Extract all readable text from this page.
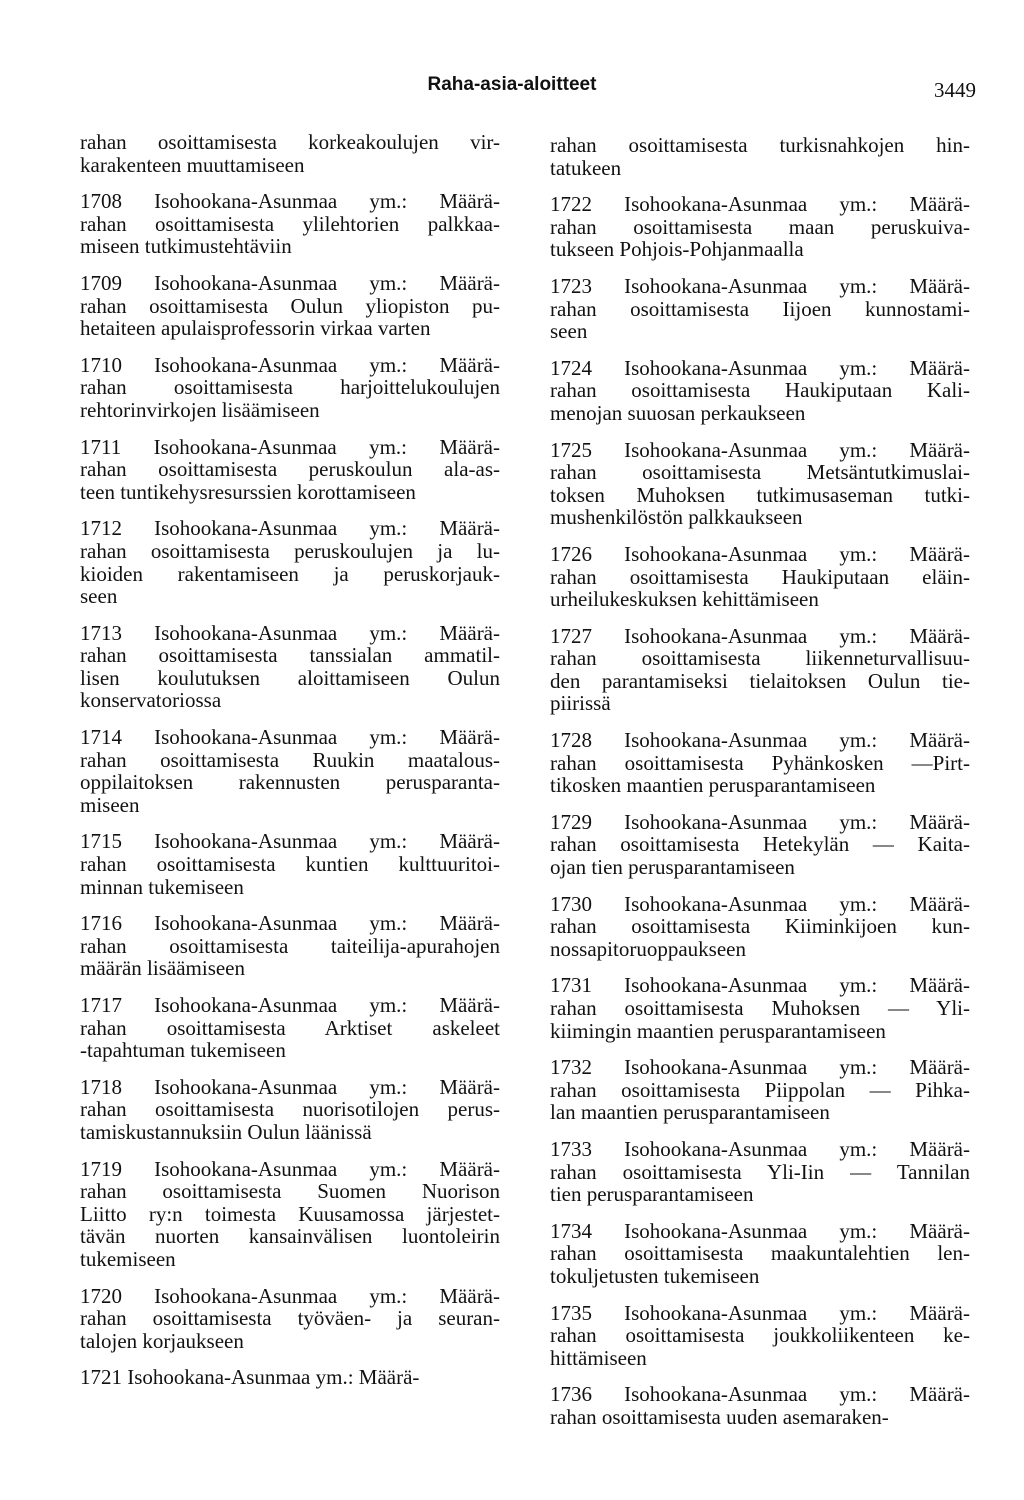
Raha-asia-aloitteet	3449
rahan osoittamisesta korkeakoulujen vir-
karakenteen muuttamiseen
1708 Isohookana-Asunmaa ym.: Määrä-
rahan osoittamisesta ylilehtorien palkkaa-
miseen tutkimustehtäviin
1709 Isohookana-Asunmaa ym.: Määrä-
rahan osoittamisesta Oulun yliopiston pu-
hetaiteen apulaisprofessorin virkaa varten
1710 Isohookana-Asunmaa ym.: Määrä-
rahan osoittamisesta harjoittelukoulujen
rehtorinvirkojen lisäämiseen
1711 Isohookana-Asunmaa ym.: Määrä-
rahan osoittamisesta peruskoulun ala-as-
teen tuntikehysresurssien korottamiseen
1712 Isohookana-Asunmaa ym.: Määrä-
rahan osoittamisesta peruskoulujen ja lu-
kioiden rakentamiseen ja peruskorjauk-
seen
1713 Isohookana-Asunmaa ym.: Määrä-
rahan osoittamisesta tanssialan ammatil-
lisen koulutuksen aloittamiseen Oulun
konservatoriossa
1714 Isohookana-Asunmaa ym.: Määrä-
rahan osoittamisesta Ruukin maatalous-
oppilaitoksen rakennusten perusparanta-
miseen
1715 Isohookana-Asunmaa ym.: Määrä-
rahan osoittamisesta kuntien kulttuuritoi-
minnan tukemiseen
1716 Isohookana-Asunmaa ym.: Määrä-
rahan osoittamisesta taiteilija-apurahojen
määrän lisäämiseen
1717 Isohookana-Asunmaa ym.: Määrä-
rahan osoittamisesta Arktiset askeleet
-tapahtuman tukemiseen
1718 Isohookana-Asunmaa ym.: Määrä-
rahan osoittamisesta nuorisotilojen perus-
tamiskustannuksiin Oulun läänissä
1719 Isohookana-Asunmaa ym.: Määrä-
rahan osoittamisesta Suomen Nuorison
Liitto ry:n toimesta Kuusamossa järjestet-
tävän nuorten kansainvälisen luontoleirin
tukemiseen
1720 Isohookana-Asunmaa ym.: Määrä-
rahan osoittamisesta työväen- ja seuran-
talojen korjaukseen
1721 Isohookana-Asunmaa ym.: Määrä-
rahan osoittamisesta turkisnahkojen hin-
tatukeen
1722 Isohookana-Asunmaa ym.: Määrä-
rahan osoittamisesta maan peruskuiva-
tukseen Pohjois-Pohjanmaalla
1723 Isohookana-Asunmaa ym.: Määrä-
rahan osoittamisesta Iijoen kunnostami-
seen
1724 Isohookana-Asunmaa ym.: Määrä-
rahan osoittamisesta Haukiputaan Kali-
menojan suuosan perkaukseen
1725 Isohookana-Asunmaa ym.: Määrä-
rahan osoittamisesta Metsäntutkimuslai-
toksen Muhoksen tutkimusaseman tutki-
mushenkilöstön palkkaukseen
1726 Isohookana-Asunmaa ym.: Määrä-
rahan osoittamisesta Haukiputaan eläin-
urheilukeskuksen kehittämiseen
1727 Isohookana-Asunmaa ym.: Määrä-
rahan osoittamisesta liikenneturvallisuu-
den parantamiseksi tielaitoksen Oulun tie-
piirissä
1728 Isohookana-Asunmaa ym.: Määrä-
rahan osoittamisesta Pyhänkosken —Pirt-
tikosken maantien perusparantamiseen
1729 Isohookana-Asunmaa ym.: Määrä-
rahan osoittamisesta Hetekylän — Kaita-
ojan tien perusparantamiseen
1730 Isohookana-Asunmaa ym.: Määrä-
rahan osoittamisesta Kiiminkijoen kun-
nossapitoruoppaukseen
1731 Isohookana-Asunmaa ym.: Määrä-
rahan osoittamisesta Muhoksen — Yli-
kiimingin maantien perusparantamiseen
1732 Isohookana-Asunmaa ym.: Määrä-
rahan osoittamisesta Piippolan — Pihka-
lan maantien perusparantamiseen
1733 Isohookana-Asunmaa ym.: Määrä-
rahan osoittamisesta Yli-Iin — Tannilan
tien perusparantamiseen
1734 Isohookana-Asunmaa ym.: Määrä-
rahan osoittamisesta maakuntalehtien len-
tokuljetusten tukemiseen
1735 Isohookana-Asunmaa ym.: Määrä-
rahan osoittamisesta joukkoliikenteen ke-
hittämiseen
1736 Isohookana-Asunmaa ym.: Määrä-
rahan osoittamisesta uuden asemaraken-
